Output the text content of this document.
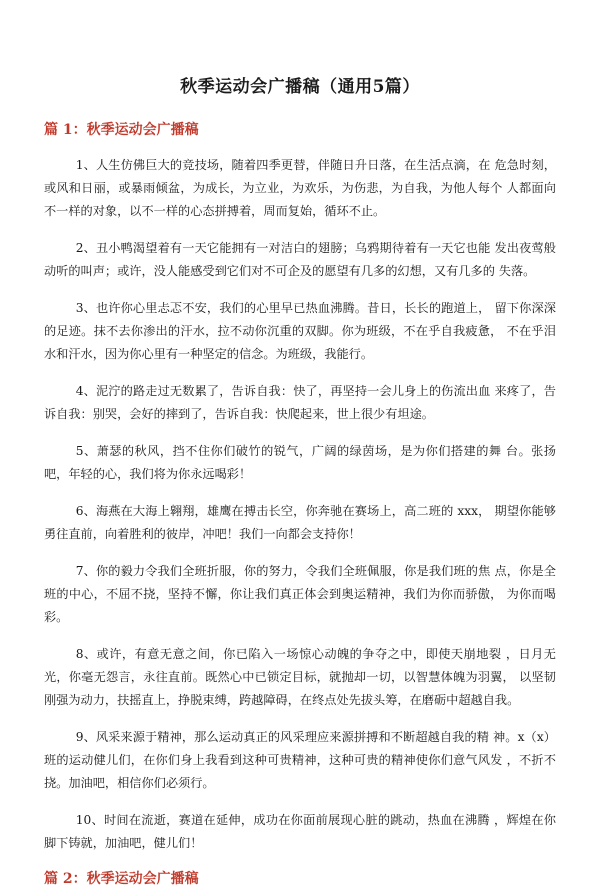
秋季运动会广播稿（通用5篇）
篇 1：秋季运动会广播稿

1、人生仿佛巨大的竞技场，随着四季更替，伴随日升日落，在生活点滴，在 危急时刻，或风和日丽，或暴雨倾盆，为成长，为立业，为欢乐，为伤悲，为自我，为他人每个 人都面向不一样的对象，以不一样的心态拼搏着，周而复始，循环不止。

2、丑小鸭渴望着有一天它能拥有一对洁白的翅膀；乌鸦期待着有一天它也能 发出夜莺般动听的叫声；或许，没人能感受到它们对不可企及的愿望有几多的幻想，又有几多的 失落。

3、也许你心里忐忑不安，我们的心里早已热血沸腾。昔日，长长的跑道上， 留下你深深的足迹。抹不去你渗出的汗水，拉不动你沉重的双脚。你为班级，不在乎自我疲惫， 不在乎泪水和汗水，因为你心里有一种坚定的信念。为班级，我能行。

4、泥泞的路走过无数累了，告诉自我：快了，再坚持一会儿身上的伤流出血 来疼了，告诉自我：别哭，会好的摔到了，告诉自我：快爬起来，世上很少有坦途。

5、萧瑟的秋风，挡不住你们破竹的锐气，广阔的绿茵场，是为你们搭建的舞 台。张扬吧，年轻的心，我们将为你永远喝彩！

6、海燕在大海上翱翔，雄鹰在搏击长空，你奔驰在赛场上，高二班的 xxx， 期望你能够勇往直前，向着胜利的彼岸，冲吧！我们一向都会支持你！

7、你的毅力令我们全班折服，你的努力，令我们全班佩服，你是我们班的焦 点，你是全班的中心，不屈不挠，坚持不懈，你让我们真正体会到奥运精神，我们为你而骄傲， 为你而喝彩。

8、或许，有意无意之间，你已陷入一场惊心动魄的争夺之中，即使天崩地裂 ，日月无光，你毫无怨言，永往直前。既然心中已锁定目标，就抛却一切，以智慧体魄为羽翼， 以坚韧刚强为动力，扶摇直上，挣脱束缚，跨越障碍，在终点处先拔头筹，在磨砺中超越自我。

9、风采来源于精神，那么运动真正的风采理应来源拼搏和不断超越自我的精 神。x（x）班的运动健儿们，在你们身上我看到这种可贵精神，这种可贵的精神使你们意气风发 ，不折不挠。加油吧，相信你们必须行。

10、时间在流逝，赛道在延伸，成功在你面前展现心脏的跳动，热血在沸腾 ，辉煌在你脚下铸就，加油吧，健儿们！

篇 2：秋季运动会广播稿
